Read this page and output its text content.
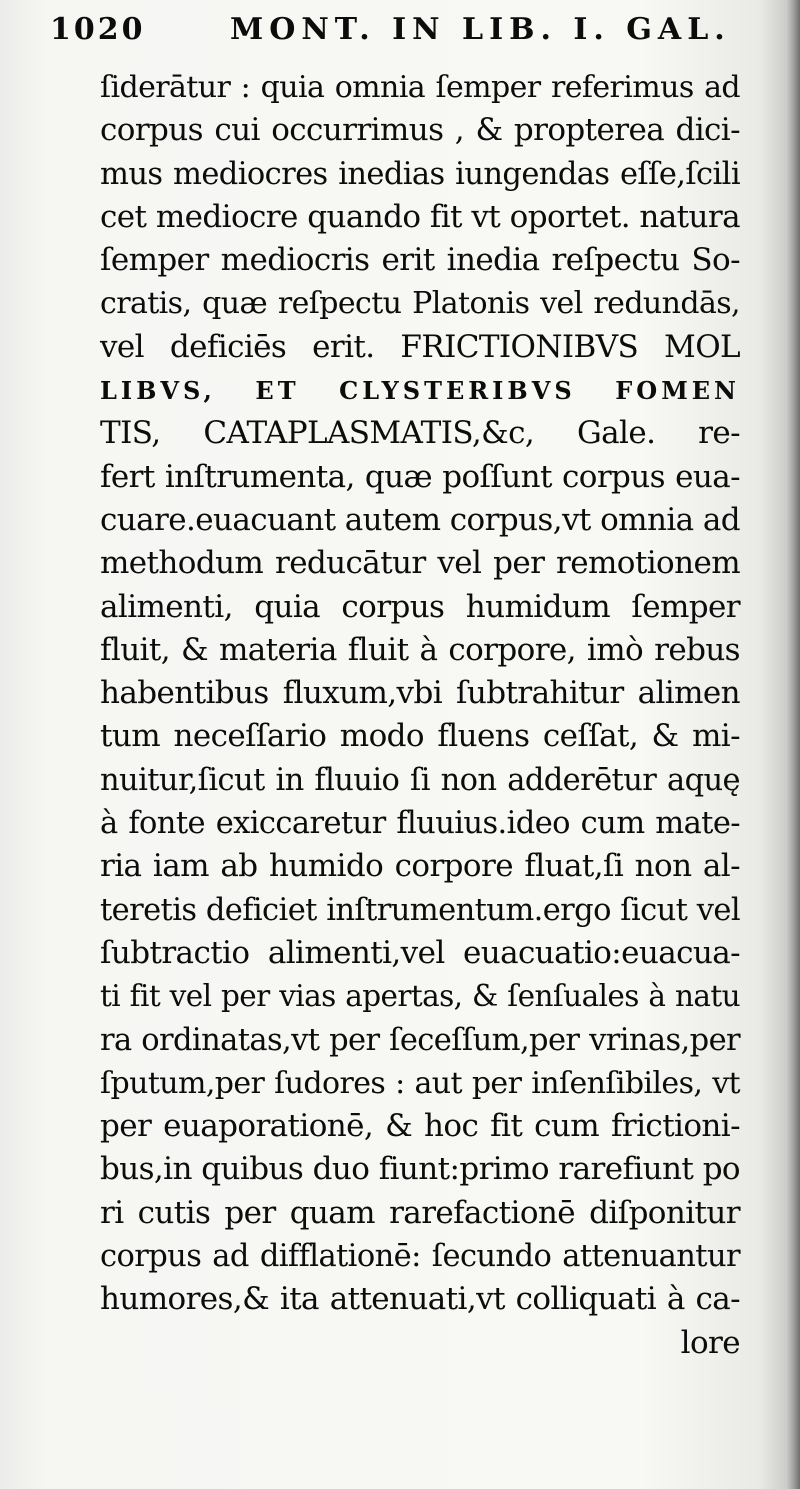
1020	MONT. IN LIB. I. GAL.
ſiderātur : quia omnia ſemper referimus ad
corpus cui occurrimus , & propterea dici-
mus mediocres inedias iungendas eſſe,ſcili
cet mediocre quando fit vt oportet. natura
ſemper mediocris erit inedia reſpectu So-
cratis, quæ reſpectu Platonis vel redundās,
vel deficiēs erit. FRICTIONIBVS MOL
LIBVS, ET CLYSTERIBVS FOMEN
TIS, CATAPLASMATIS,&c, Gale. re-
fert inſtrumenta, quæ poſſunt corpus eua-
cuare.euacuant autem corpus,vt omnia ad
methodum reducātur vel per remotionem
alimenti, quia corpus humidum ſemper
fluit, & materia fluit à corpore, imò rebus
habentibus fluxum,vbi ſubtrahitur alimen
tum neceſſario modo fluens ceſſat, & mi-
nuitur,ſicut in fluuio ſi non adderētur aquę
à fonte exiccaretur fluuius.ideo cum mate-
ria iam ab humido corpore fluat,ſi non al-
teretis deficiet inſtrumentum.ergo ſicut vel
ſubtractio alimenti,vel euacuatio:euacua-
ti fit vel per vias apertas, & ſenſuales à natu
ra ordinatas,vt per ſeceſſum,per vrinas,per
ſputum,per ſudores : aut per inſenſibiles, vt
per euaporationē, & hoc fit cum frictioni-
bus,in quibus duo fiunt:primo rarefiunt po
ri cutis per quam rarefactionē diſponitur
corpus ad difflationē: ſecundo attenuantur
humores,& ita attenuati,vt colliquati à ca-
lore
